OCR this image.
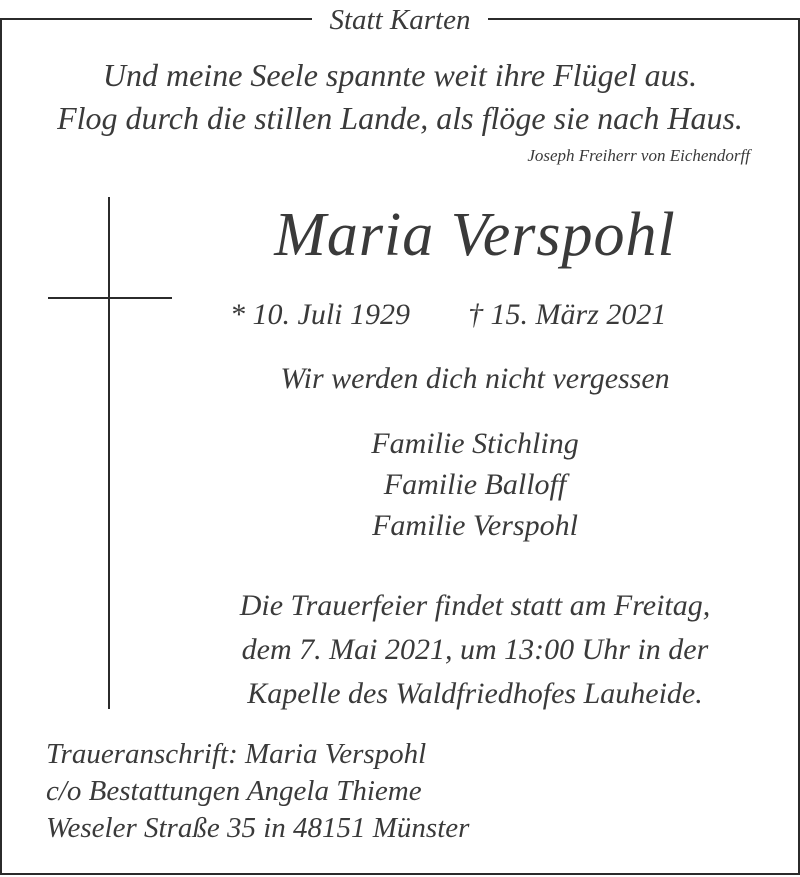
Statt Karten
Und meine Seele spannte weit ihre Flügel aus.
Flog durch die stillen Lande, als flöge sie nach Haus.
Joseph Freiherr von Eichendorff
Maria Verspohl
* 10. Juli 1929 † 15. März 2021
Wir werden dich nicht vergessen
Familie Stichling
Familie Balloff
Familie Verspohl
Die Trauerfeier findet statt am Freitag,
dem 7. Mai 2021, um 13:00 Uhr in der
Kapelle des Waldfriedhofes Lauheide.
Traueranschrift: Maria Verspohl
c/o Bestattungen Angela Thieme
Weseler Straße 35 in 48151 Münster
